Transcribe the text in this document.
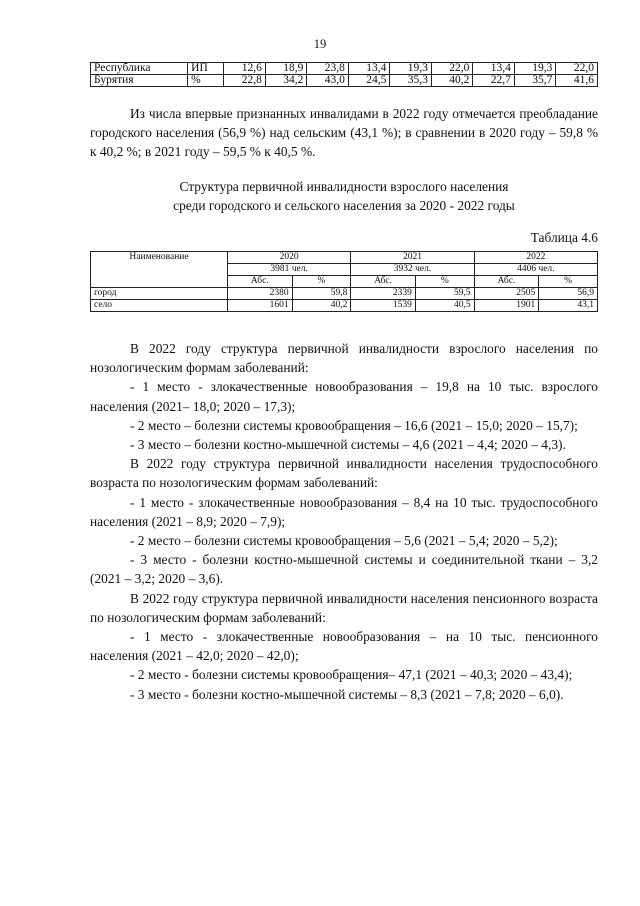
19
Республика	ИП	12,6	18,9	23,8	13,4	19,3	22,0	13,4	19,3	22,0
Бурятия	%	22,8	34,2	43,0	24,5	35,3	40,2	22,7	35,7	41,6

Из числа впервые признанных инвалидами в 2022 году отмечается преобладание городского населения (56,9 %) над сельским (43,1 %); в сравнении в 2020 году – 59,8 % к 40,2 %; в 2021 году – 59,5 % к 40,5 %.

Структура первичной инвалидности взрослого населения

среди городского и сельского населения за 2020 - 2022 годы

Таблица 4.6

Наименование	2020		2021		2022	
	3981 чел.		3932 чел.		4406 чел.	
	Абс.	%	Абс.	%	Абс.	%
город	2380	59,8	2339	59,5	2505	56,9
село	1601	40,2	1539	40,5	1901	43,1

В 2022 году структура первичной инвалидности взрослого населения по нозологическим формам заболеваний:

- 1 место - злокачественные новообразования – 19,8 на 10 тыс. взрослого населения (2021– 18,0; 2020 – 17,3);

- 2 место – болезни системы кровообращения – 16,6 (2021 – 15,0; 2020 – 15,7);

- 3 место – болезни костно-мышечной системы – 4,6 (2021 – 4,4; 2020 – 4,3).

В 2022 году структура первичной инвалидности населения трудоспособного возраста по нозологическим формам заболеваний:

- 1 место - злокачественные новообразования – 8,4 на 10 тыс. трудоспособного населения (2021 – 8,9; 2020 – 7,9);

- 2 место – болезни системы кровообращения – 5,6 (2021 – 5,4; 2020 – 5,2);

- 3 место - болезни костно-мышечной системы и соединительной ткани – 3,2 (2021 – 3,2; 2020 – 3,6).

В 2022 году структура первичной инвалидности населения пенсионного возраста по нозологическим формам заболеваний:

- 1 место - злокачественные новообразования – на 10 тыс. пенсионного населения (2021 – 42,0; 2020 – 42,0);

- 2 место - болезни системы кровообращения– 47,1 (2021 – 40,3; 2020 – 43,4);

- 3 место - болезни костно-мышечной системы – 8,3 (2021 – 7,8; 2020 – 6,0).
